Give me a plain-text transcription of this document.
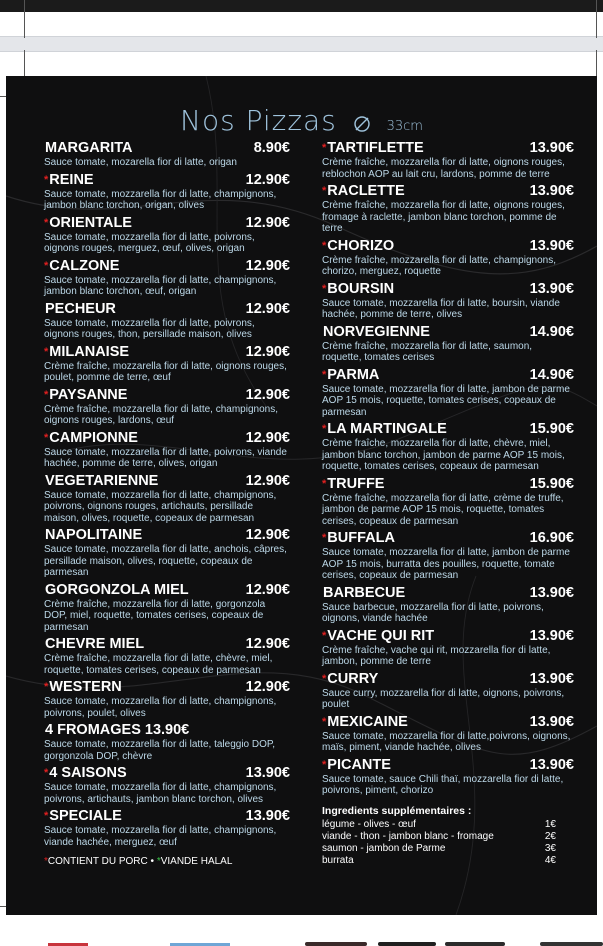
Nos Pizzas	33cm
MARGARITA	8.90€
Sauce tomate, mozarella fior di latte, origan
*REINE	12.90€
Sauce tomate, mozzarella fior di latte, champignons, jambon blanc torchon, origan, olives
*ORIENTALE	12.90€
Sauce tomate, mozzarella fior di latte, poivrons, oignons rouges, merguez, œuf, olives, origan
*CALZONE	12.90€
Sauce tomate, mozzarella fior di latte, champignons, jambon blanc torchon, œuf, origan
PECHEUR	12.90€
Sauce tomate, mozzarella fior di latte, poivrons, oignons rouges, thon, persillade maison, olives
*MILANAISE	12.90€
Crème fraîche, mozzarella fior di latte, oignons rouges, poulet, pomme de terre, œuf
*PAYSANNE	12.90€
Crème fraîche, mozzarella fior di latte, champignons, oignons rouges, lardons, œuf
*CAMPIONNE	12.90€
Sauce tomate, mozzarella fior di latte, poivrons, viande hachée, pomme de terre, olives, origan
VEGETARIENNE	12.90€
Sauce tomate, mozzarella fior di latte, champignons, poivrons, oignons rouges, artichauts, persillade maison, olives, roquette, copeaux de parmesan
NAPOLITAINE	12.90€
Sauce tomate, mozzarella fior di latte, anchois, câpres, persillade maison, olives, roquette, copeaux de parmesan
GORGONZOLA MIEL	12.90€
Crème fraîche, mozzarella fior di latte, gorgonzola DOP, miel, roquette, tomates cerises, copeaux de parmesan
CHEVRE MIEL	12.90€
Crème fraîche, mozzarella fior di latte, chèvre, miel, roquette, tomates cerises, copeaux de parmesan
*WESTERN	12.90€
Sauce tomate, mozzarella fior di latte, champignons, poivrons, poulet, olives
4 FROMAGES 13.90€
Sauce tomate, mozzarella fior di latte, taleggio DOP, gorgonzola DOP, chèvre
*4 SAISONS	13.90€
Sauce tomate, mozzarella fior di latte, champignons, poivrons, artichauts, jambon blanc torchon, olives
*SPECIALE	13.90€
Sauce tomate, mozzarella fior di latte, champignons, viande hachée, merguez, œuf
*CONTIENT DU PORC • *VIANDE HALAL
*TARTIFLETTE	13.90€
Crème fraîche, mozzarella fior di latte, oignons rouges, reblochon AOP au lait cru, lardons, pomme de terre
*RACLETTE	13.90€
Crème fraîche, mozzarella fior di latte, oignons rouges, fromage à raclette, jambon blanc torchon, pomme de terre
*CHORIZO	13.90€
Crème fraîche, mozzarella fior di latte, champignons, chorizo, merguez, roquette
*BOURSIN	13.90€
Sauce tomate, mozzarella fior di latte, boursin, viande hachée, pomme de terre, olives
NORVEGIENNE	14.90€
Crème fraîche, mozzarella fior di latte, saumon, roquette, tomates cerises
*PARMA	14.90€
Sauce tomate, mozzarella fior di latte, jambon de parme AOP 15 mois, roquette, tomates cerises, copeaux de parmesan
*LA MARTINGALE	15.90€
Crème fraîche, mozzarella fior di latte, chèvre, miel, jambon blanc torchon, jambon de parme AOP 15 mois, roquette, tomates cerises, copeaux de parmesan
*TRUFFE	15.90€
Crème fraîche, mozzarella fior di latte, crème de truffe, jambon de parme AOP 15 mois, roquette, tomates cerises, copeaux de parmesan
*BUFFALA	16.90€
Sauce tomate, mozzarella fior di latte, jambon de parme AOP 15 mois, burratta des pouilles, roquette, tomate cerises, copeaux de parmesan
BARBECUE	13.90€
Sauce barbecue, mozzarella fior di latte, poivrons, oignons, viande hachée
*VACHE QUI RIT	13.90€
Crème fraîche, vache qui rit, mozzarella fior di latte, jambon, pomme de terre
*CURRY	13.90€
Sauce curry, mozzarella fior di latte, oignons, poivrons, poulet
*MEXICAINE	13.90€
Sauce tomate, mozzarella fior di latte,poivrons, oignons, maïs, piment, viande hachée, olives
*PICANTE	13.90€
Sauce tomate, sauce Chili thaï, mozzarella fior di latte, poivrons, piment, chorizo
Ingredients supplémentaires :
légume - olives - œuf	1€
viande - thon - jambon blanc - fromage	2€
saumon - jambon de Parme	3€
burrata	4€
